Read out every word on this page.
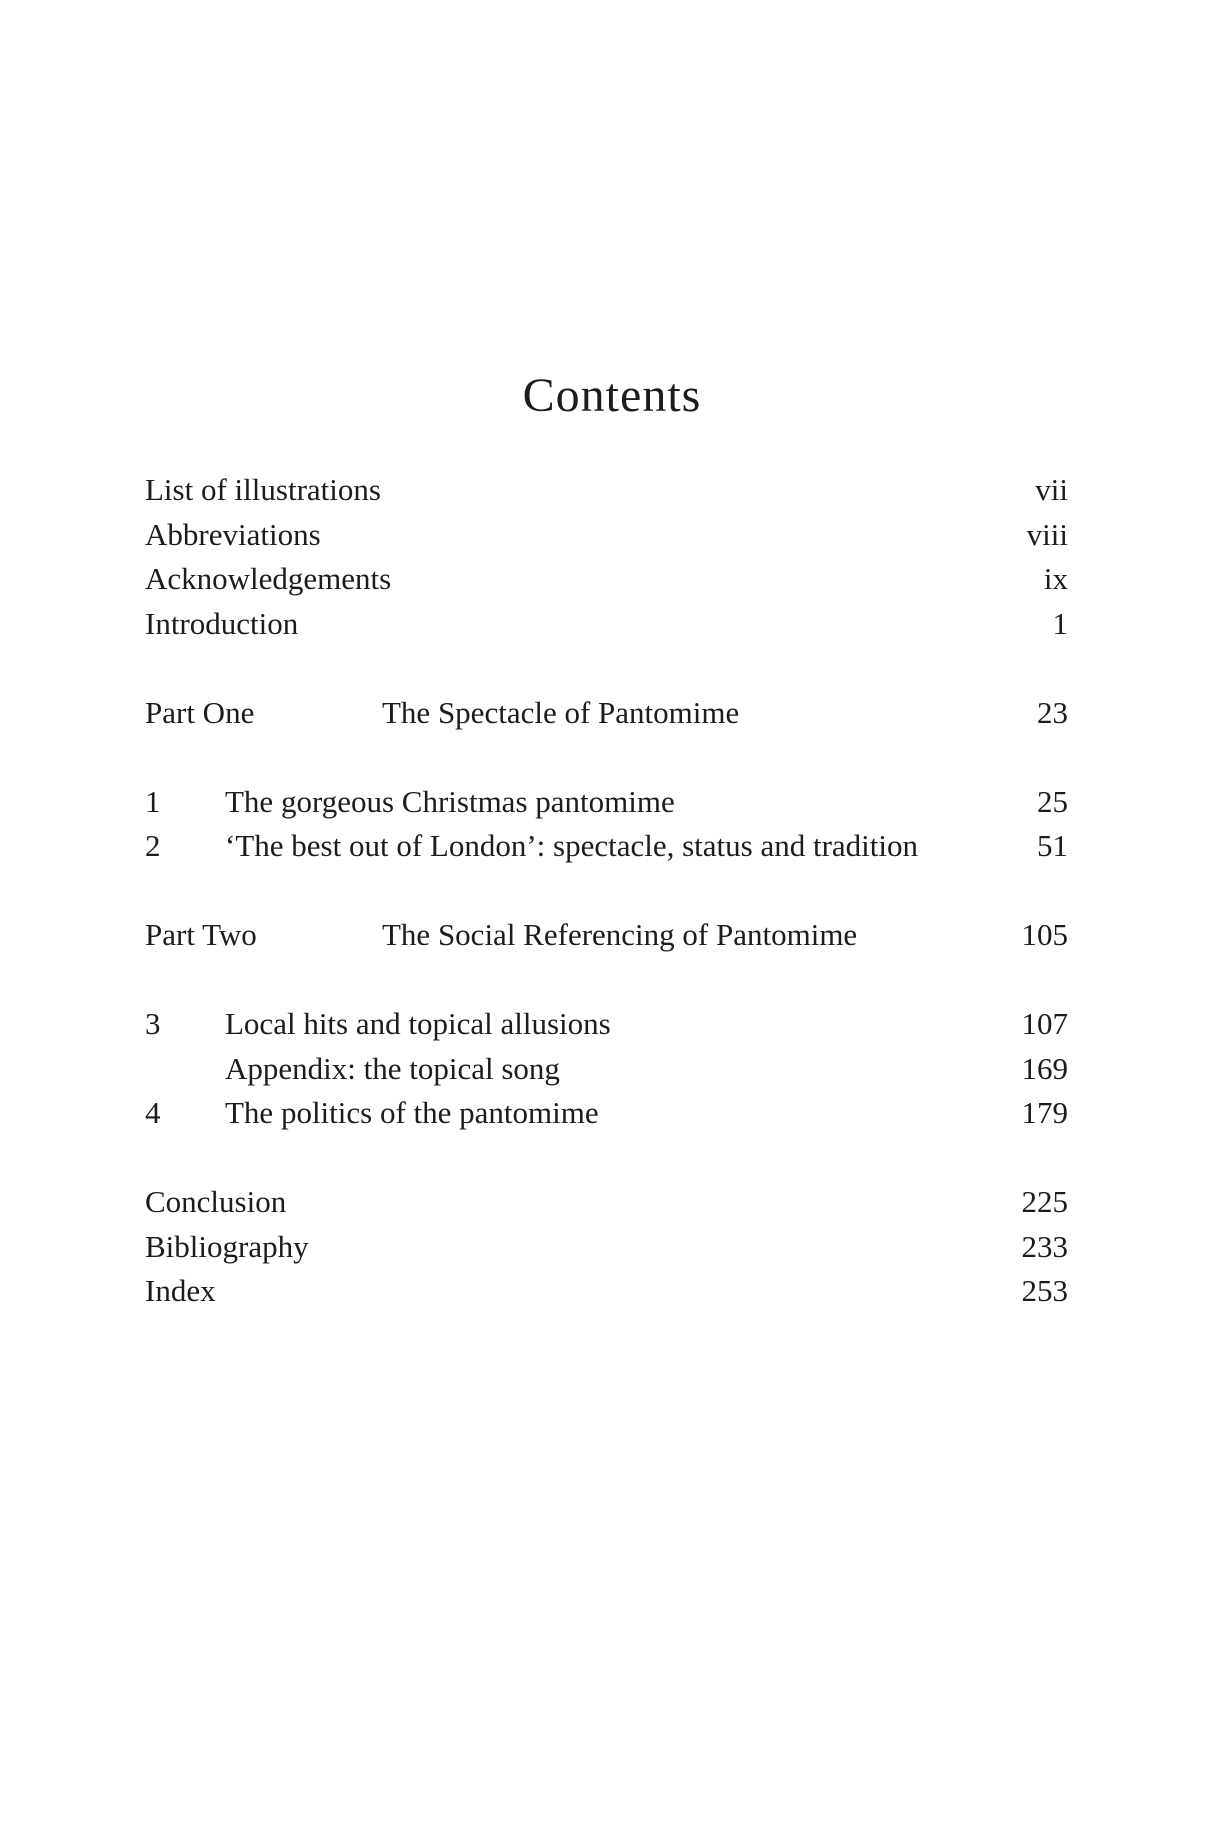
Contents
List of illustrations	vii
Abbreviations	viii
Acknowledgements	ix
Introduction	1
Part One	The Spectacle of Pantomime	23
1 The gorgeous Christmas pantomime	25
2 ‘The best out of London’: spectacle, status and tradition	51
Part Two	The Social Referencing of Pantomime	105
3 Local hits and topical allusions	107
Appendix: the topical song	169
4 The politics of the pantomime	179
Conclusion	225
Bibliography	233
Index	253
